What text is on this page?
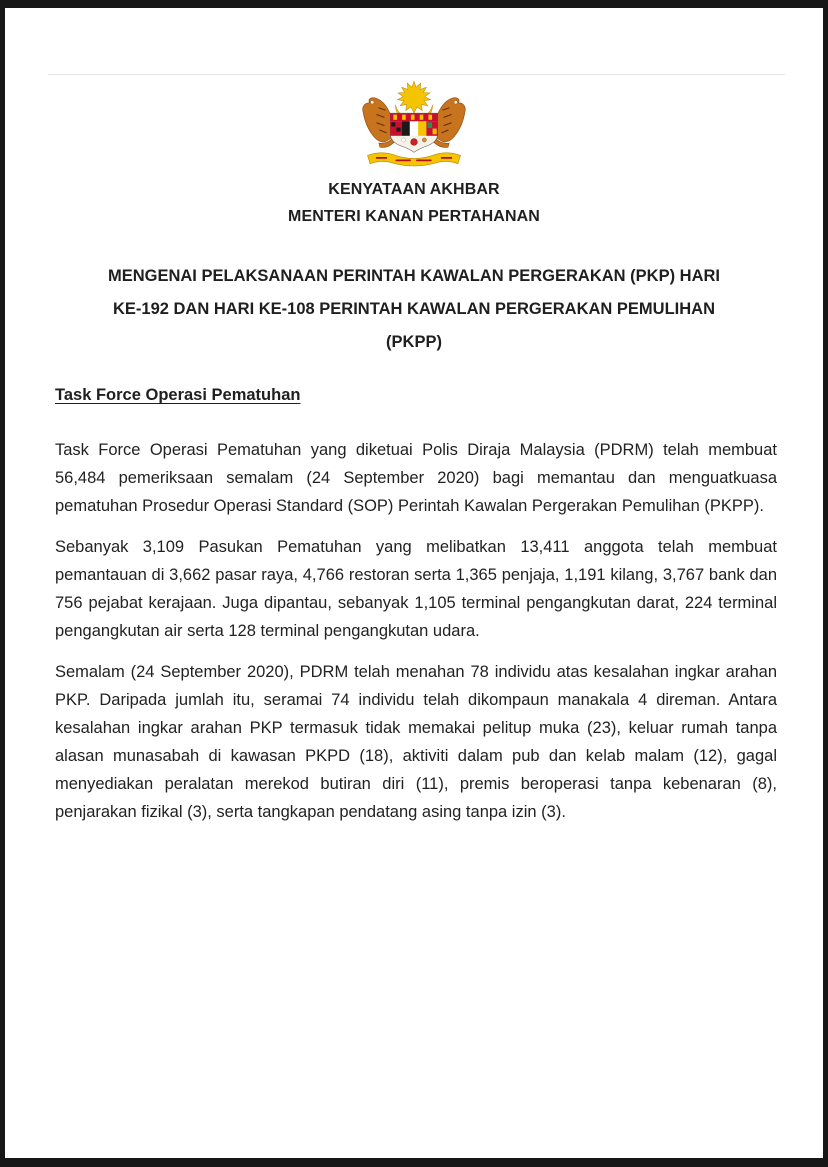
KENYATAAN AKHBAR
MENTERI KANAN PERTAHANAN
MENGENAI PELAKSANAAN PERINTAH KAWALAN PERGERAKAN (PKP) HARI
KE-192 DAN HARI KE-108 PERINTAH KAWALAN PERGERAKAN PEMULIHAN
(PKPP)
Task Force Operasi Pematuhan

Task Force Operasi Pematuhan yang diketuai Polis Diraja Malaysia (PDRM) telah membuat 56,484 pemeriksaan semalam (24 September 2020) bagi memantau dan menguatkuasa pematuhan Prosedur Operasi Standard (SOP) Perintah Kawalan Pergerakan Pemulihan (PKPP).

Sebanyak 3,109 Pasukan Pematuhan yang melibatkan 13,411 anggota telah membuat pemantauan di 3,662 pasar raya, 4,766 restoran serta 1,365 penjaja, 1,191 kilang, 3,767 bank dan 756 pejabat kerajaan. Juga dipantau, sebanyak 1,105 terminal pengangkutan darat, 224 terminal pengangkutan air serta 128 terminal pengangkutan udara.

Semalam (24 September 2020), PDRM telah menahan 78 individu atas kesalahan ingkar arahan PKP. Daripada jumlah itu, seramai 74 individu telah dikompaun manakala 4 direman. Antara kesalahan ingkar arahan PKP termasuk tidak memakai pelitup muka (23), keluar rumah tanpa alasan munasabah di kawasan PKPD (18), aktiviti dalam pub dan kelab malam (12), gagal menyediakan peralatan merekod butiran diri (11), premis beroperasi tanpa kebenaran (8), penjarakan fizikal (3), serta tangkapan pendatang asing tanpa izin (3).
